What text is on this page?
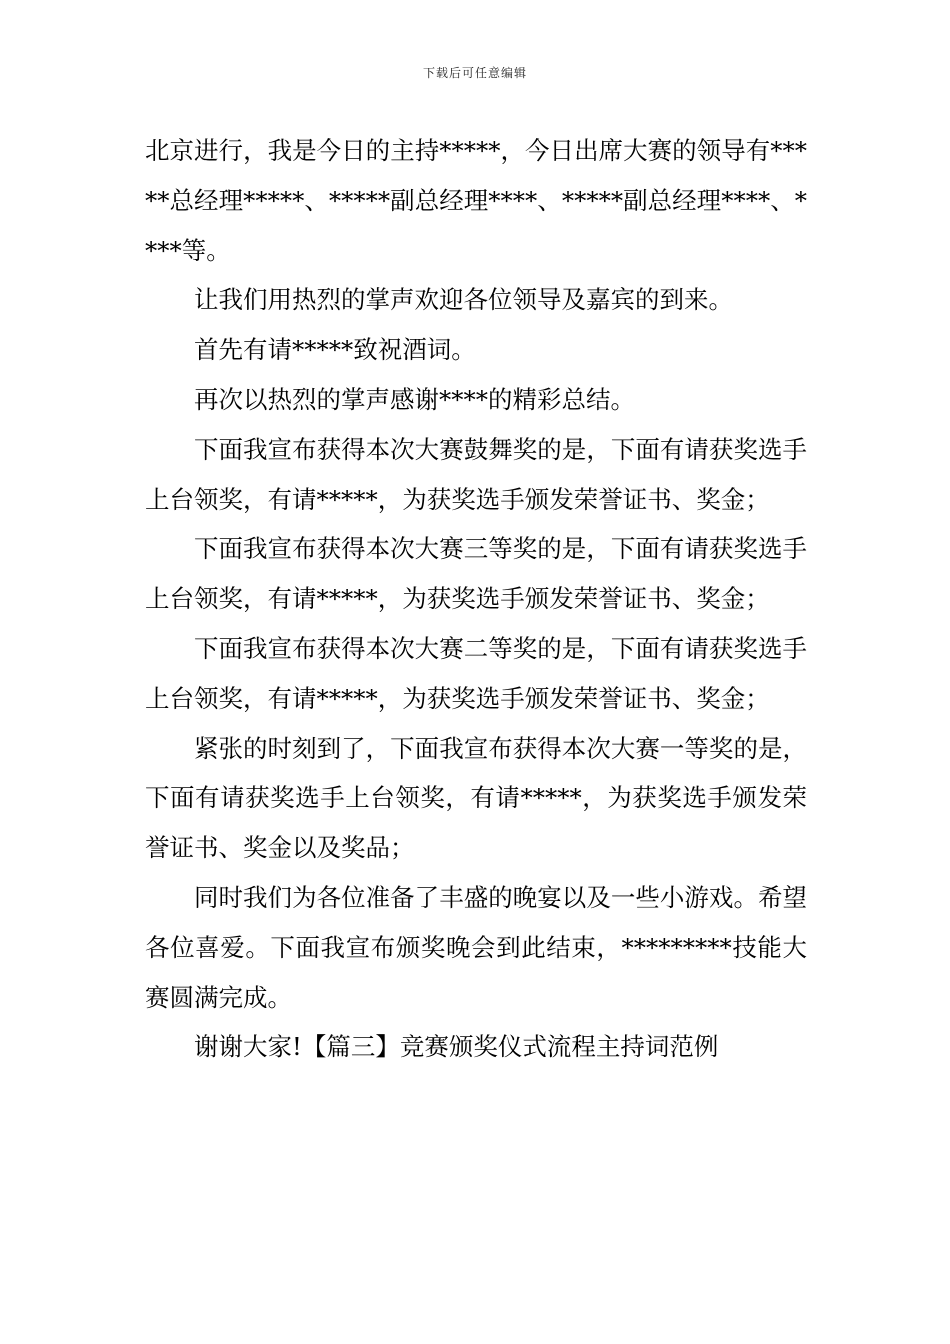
下载后可任意编辑

北京进行，我是今日的主持*****，今日出席大赛的领导有*****总经理*****、*****副总经理****、*****副总经理****、****等。

让我们用热烈的掌声欢迎各位领导及嘉宾的到来。

首先有请*****致祝酒词。

再次以热烈的掌声感谢****的精彩总结。

下面我宣布获得本次大赛鼓舞奖的是，下面有请获奖选手上台领奖，有请*****，为获奖选手颁发荣誉证书、奖金；

下面我宣布获得本次大赛三等奖的是，下面有请获奖选手上台领奖，有请*****，为获奖选手颁发荣誉证书、奖金；

下面我宣布获得本次大赛二等奖的是，下面有请获奖选手上台领奖，有请*****，为获奖选手颁发荣誉证书、奖金；

紧张的时刻到了，下面我宣布获得本次大赛一等奖的是，下面有请获奖选手上台领奖，有请*****，为获奖选手颁发荣誉证书、奖金以及奖品；

同时我们为各位准备了丰盛的晚宴以及一些小游戏。希望各位喜爱。下面我宣布颁奖晚会到此结束，*********技能大赛圆满完成。

谢谢大家!【篇三】竞赛颁奖仪式流程主持词范例
